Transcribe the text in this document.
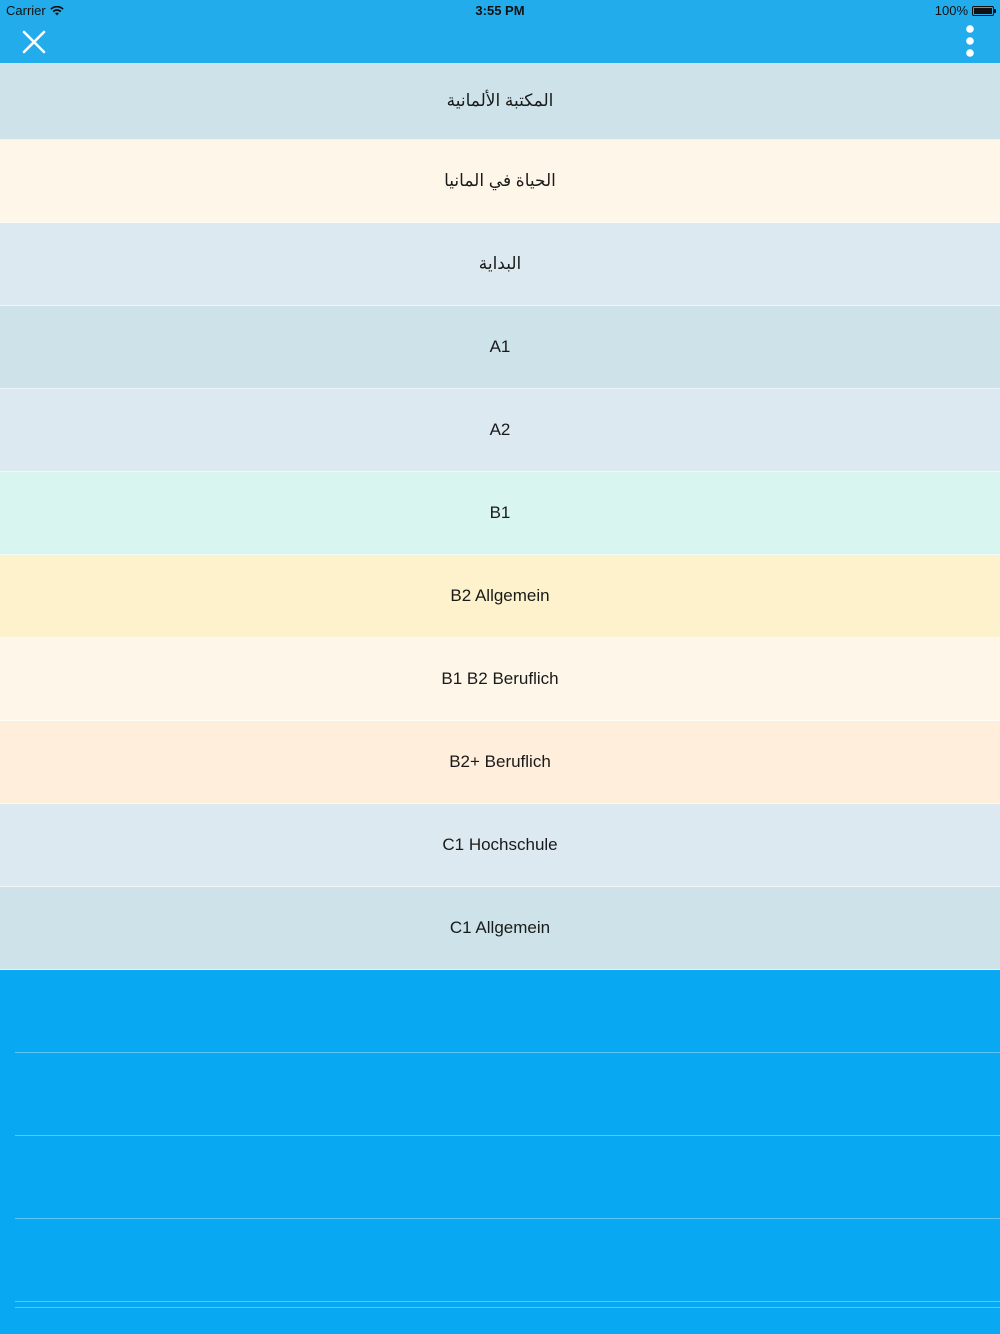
Carrier	3:55 PM	100%
المكتبة الألمانية
الحياة في المانيا
البداية
A1
A2
B1
B2 Allgemein
B1 B2 Beruflich
B2+ Beruflich
C1 Hochschule
C1 Allgemein
